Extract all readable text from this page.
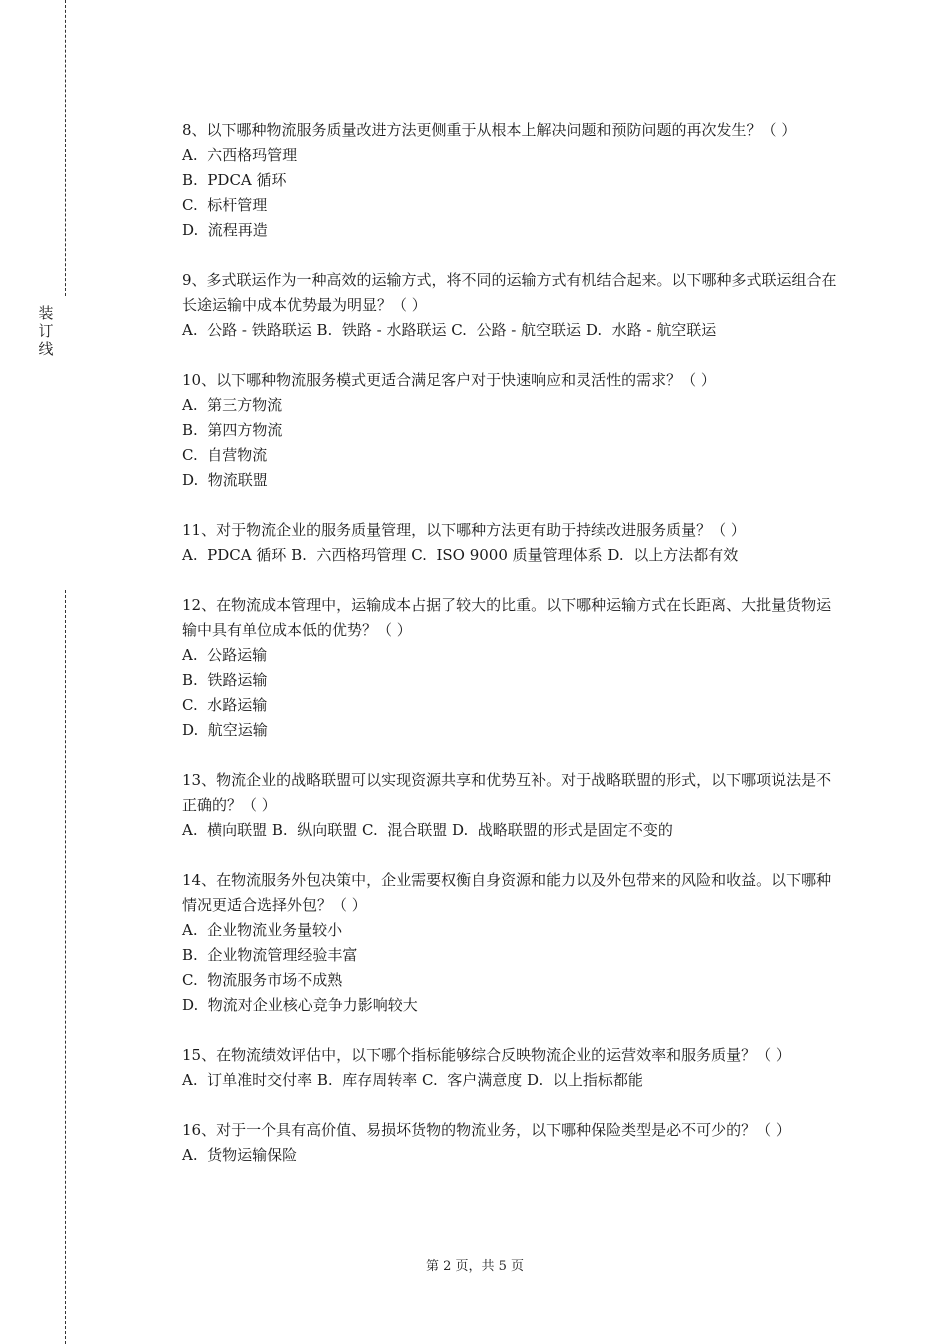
装订线

8、以下哪种物流服务质量改进方法更侧重于从根本上解决问题和预防问题的再次发生？（ ）

A.  六西格玛管理

B.  PDCA 循环

C.  标杆管理

D.  流程再造

9、多式联运作为一种高效的运输方式，将不同的运输方式有机结合起来。以下哪种多式联运组合在长途运输中成本优势最为明显？（ ）

A.  公路 - 铁路联运 B.  铁路 - 水路联运 C.  公路 - 航空联运 D.  水路 - 航空联运

10、以下哪种物流服务模式更适合满足客户对于快速响应和灵活性的需求？（ ）

A.  第三方物流

B.  第四方物流

C.  自营物流

D.  物流联盟

11、对于物流企业的服务质量管理，以下哪种方法更有助于持续改进服务质量？（ ）

A.  PDCA 循环 B.  六西格玛管理 C.  ISO 9000 质量管理体系 D.  以上方法都有效

12、在物流成本管理中，运输成本占据了较大的比重。以下哪种运输方式在长距离、大批量货物运输中具有单位成本低的优势？（ ）

A.  公路运输

B.  铁路运输

C.  水路运输

D.  航空运输

13、物流企业的战略联盟可以实现资源共享和优势互补。对于战略联盟的形式，以下哪项说法是不正确的？（ ）

A.  横向联盟 B.  纵向联盟 C.  混合联盟 D.  战略联盟的形式是固定不变的

14、在物流服务外包决策中，企业需要权衡自身资源和能力以及外包带来的风险和收益。以下哪种情况更适合选择外包？（ ）

A.  企业物流业务量较小

B.  企业物流管理经验丰富

C.  物流服务市场不成熟

D.  物流对企业核心竞争力影响较大

15、在物流绩效评估中，以下哪个指标能够综合反映物流企业的运营效率和服务质量？（ ）

A.  订单准时交付率 B.  库存周转率 C.  客户满意度 D.  以上指标都能

16、对于一个具有高价值、易损坏货物的物流业务，以下哪种保险类型是必不可少的？（ ）

A.  货物运输保险

第 2 页，共 5 页
